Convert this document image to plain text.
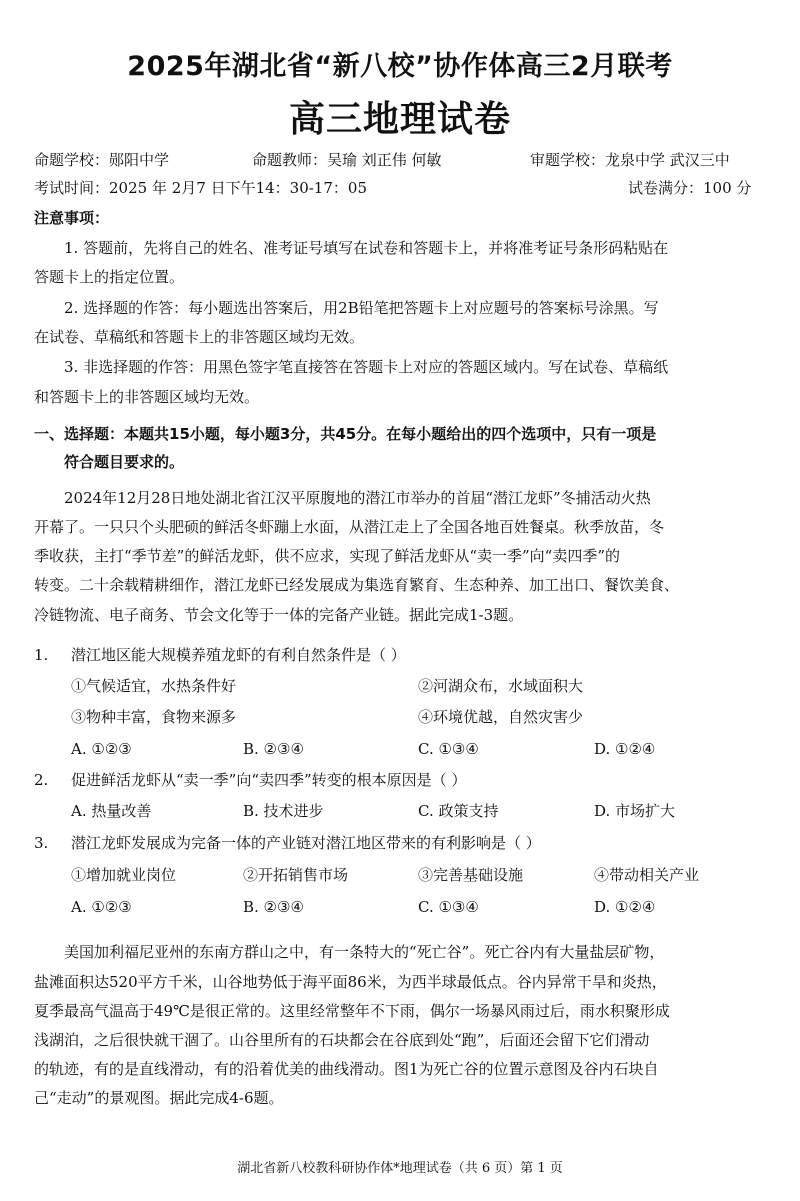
2025年湖北省“新八校”协作体高三2月联考
高三地理试卷
命题学校：郧阳中学	命题教师：吴瑜 刘正伟 何敏	审题学校：龙泉中学 武汉三中
考试时间：2025 年 2月7 日下午14：30-17：05	试卷满分：100 分
注意事项：
1. 答题前，先将自己的姓名、准考证号填写在试卷和答题卡上，并将准考证号条形码粘贴在
答题卡上的指定位置。
2. 选择题的作答：每小题选出答案后，用2B铅笔把答题卡上对应题号的答案标号涂黑。写
在试卷、草稿纸和答题卡上的非答题区域均无效。
3. 非选择题的作答：用黑色签字笔直接答在答题卡上对应的答题区域内。写在试卷、草稿纸
和答题卡上的非答题区域均无效。
一、选择题：本题共15小题，每小题3分，共45分。在每小题给出的四个选项中，只有一项是
符合题目要求的。
2024年12月28日地处湖北省江汉平原腹地的潜江市举办的首届“潜江龙虾”冬捕活动火热
开幕了。一只只个头肥硕的鲜活冬虾蹦上水面，从潜江走上了全国各地百姓餐桌。秋季放苗，冬
季收获，主打“季节差”的鲜活龙虾，供不应求，实现了鲜活龙虾从“卖一季”向“卖四季”的
转变。二十余载精耕细作，潜江龙虾已经发展成为集选育繁育、生态种养、加工出口、餐饮美食、
冷链物流、电子商务、节会文化等于一体的完备产业链。据此完成1-3题。
1. 潜江地区能大规模养殖龙虾的有利自然条件是（ ）
①气候适宜，水热条件好	②河湖众布，水域面积大
③物种丰富，食物来源多	④环境优越，自然灾害少
A. ①②③	B. ②③④	C. ①③④	D. ①②④
2. 促进鲜活龙虾从“卖一季”向“卖四季”转变的根本原因是（ ）
A. 热量改善	B. 技术进步	C. 政策支持	D. 市场扩大
3. 潜江龙虾发展成为完备一体的产业链对潜江地区带来的有利影响是（ ）
①增加就业岗位	②开拓销售市场	③完善基础设施	④带动相关产业
A. ①②③	B. ②③④	C. ①③④	D. ①②④
美国加利福尼亚州的东南方群山之中，有一条特大的“死亡谷”。死亡谷内有大量盐层矿物，
盐滩面积达520平方千米，山谷地势低于海平面86米，为西半球最低点。谷内异常干旱和炎热，
夏季最高气温高于49℃是很正常的。这里经常整年不下雨，偶尔一场暴风雨过后，雨水积聚形成
浅湖泊，之后很快就干涸了。山谷里所有的石块都会在谷底到处“跑”，后面还会留下它们滑动
的轨迹，有的是直线滑动，有的沿着优美的曲线滑动。图1为死亡谷的位置示意图及谷内石块自
己“走动”的景观图。据此完成4-6题。
湖北省新八校教科研协作体*地理试卷（共 6 页）第 1 页
